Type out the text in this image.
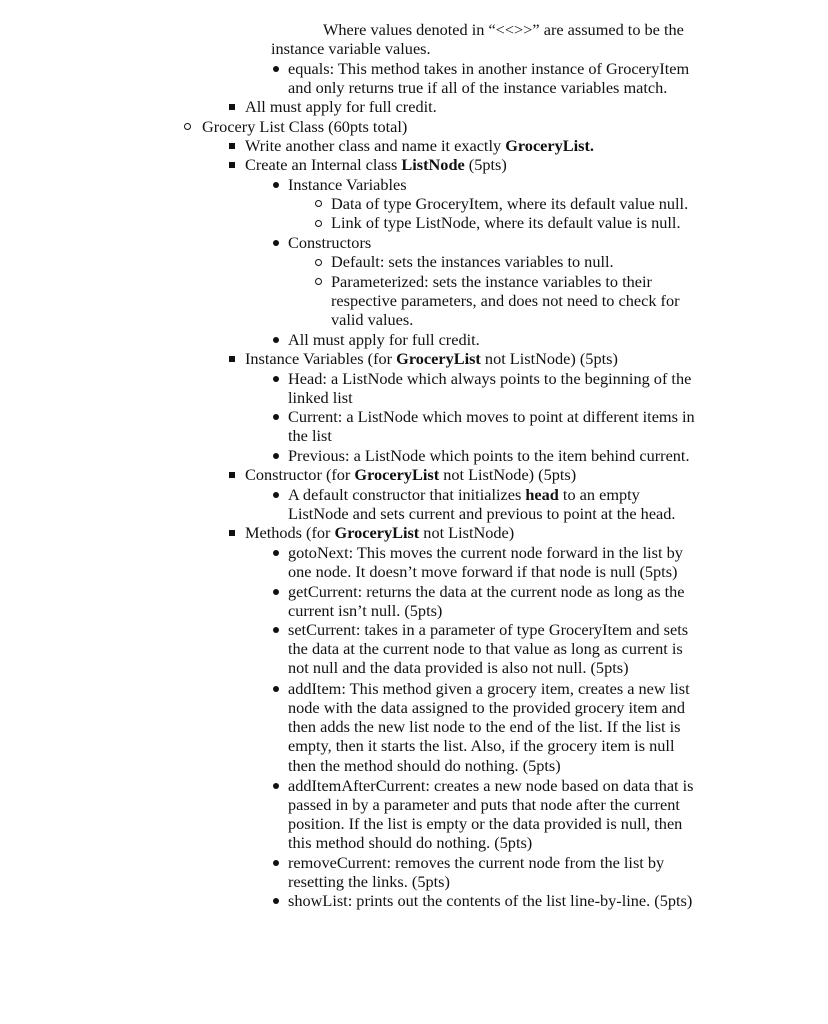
Where values denoted in “<<>>” are assumed to be the
instance variable values.
equals: This method takes in another instance of GroceryItem
and only returns true if all of the instance variables match.
All must apply for full credit.
Grocery List Class (60pts total)
Write another class and name it exactly GroceryList.
Create an Internal class ListNode (5pts)
Instance Variables
Data of type GroceryItem, where its default value null.
Link of type ListNode, where its default value is null.
Constructors
Default: sets the instances variables to null.
Parameterized: sets the instance variables to their
respective parameters, and does not need to check for
valid values.
All must apply for full credit.
Instance Variables (for GroceryList not ListNode) (5pts)
Head: a ListNode which always points to the beginning of the
linked list
Current: a ListNode which moves to point at different items in
the list
Previous: a ListNode which points to the item behind current.
Constructor (for GroceryList not ListNode) (5pts)
A default constructor that initializes head to an empty
ListNode and sets current and previous to point at the head.
Methods (for GroceryList not ListNode)
gotoNext: This moves the current node forward in the list by
one node. It doesn’t move forward if that node is null (5pts)
getCurrent: returns the data at the current node as long as the
current isn’t null. (5pts)
setCurrent: takes in a parameter of type GroceryItem and sets
the data at the current node to that value as long as current is
not null and the data provided is also not null. (5pts)
addItem: This method given a grocery item, creates a new list
node with the data assigned to the provided grocery item and
then adds the new list node to the end of the list. If the list is
empty, then it starts the list. Also, if the grocery item is null
then the method should do nothing. (5pts)
addItemAfterCurrent: creates a new node based on data that is
passed in by a parameter and puts that node after the current
position. If the list is empty or the data provided is null, then
this method should do nothing. (5pts)
removeCurrent: removes the current node from the list by
resetting the links. (5pts)
showList: prints out the contents of the list line-by-line. (5pts)
